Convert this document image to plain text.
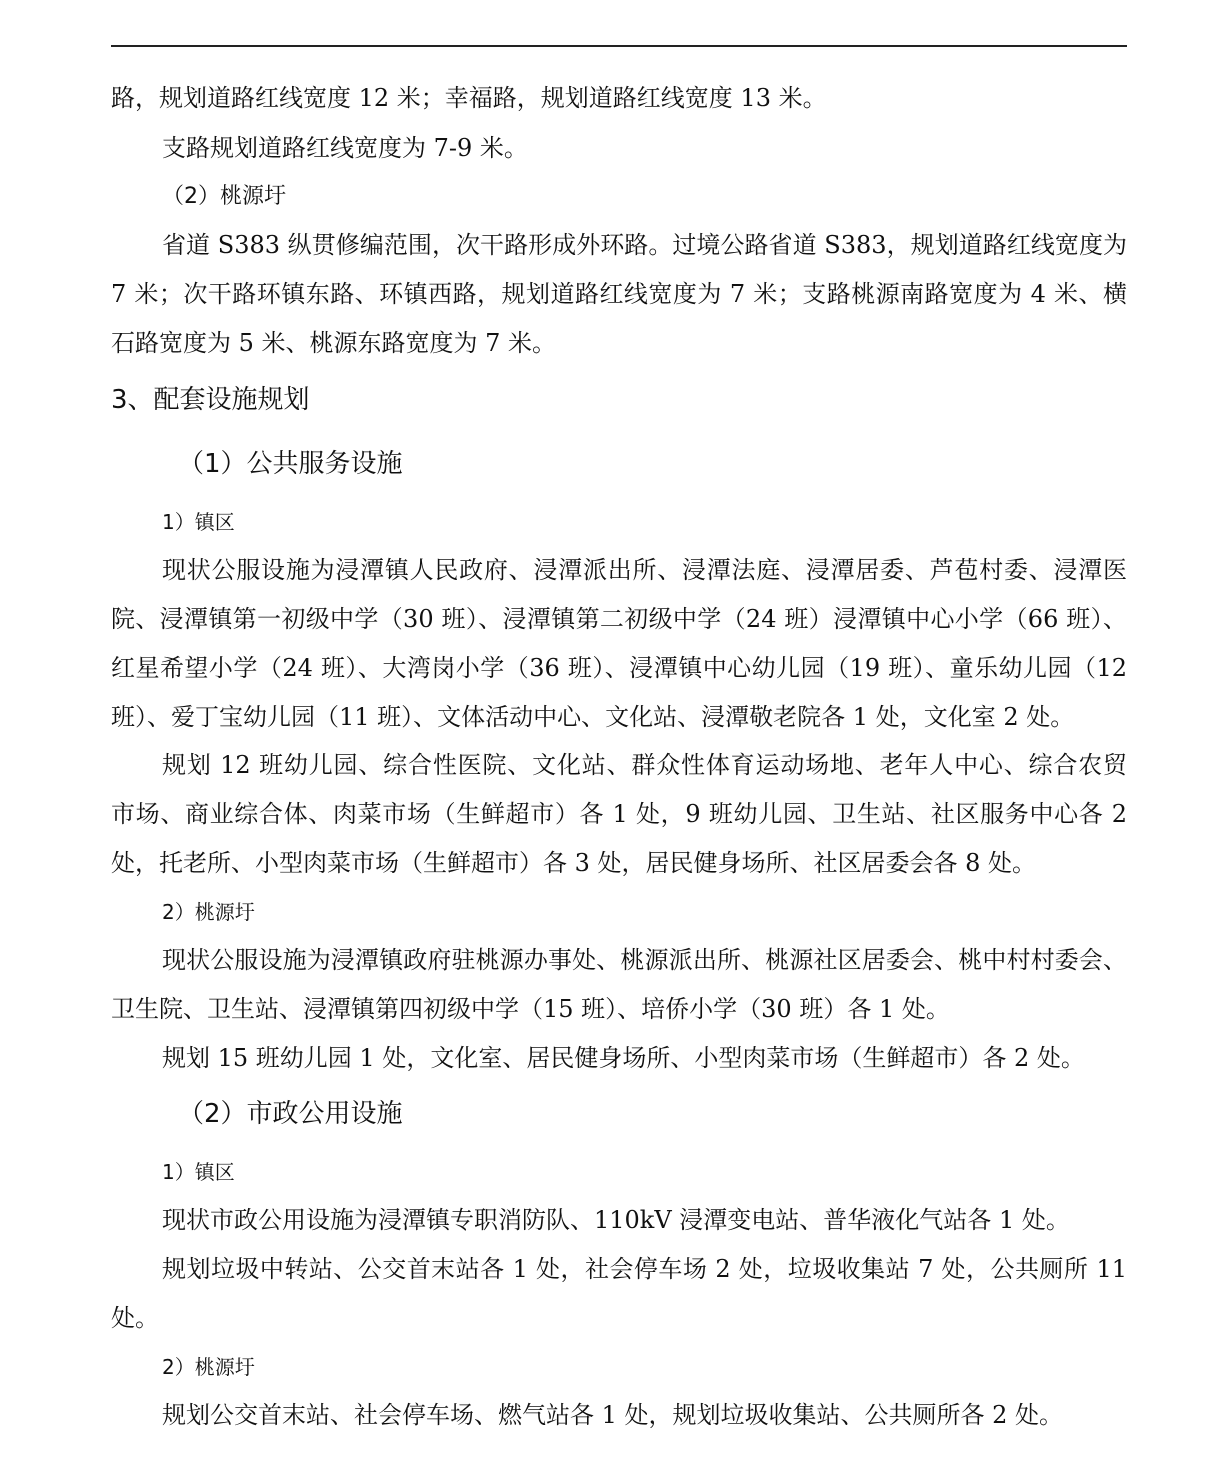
路，规划道路红线宽度 12 米；幸福路，规划道路红线宽度 13 米。
支路规划道路红线宽度为 7-9 米。
（2）桃源圩
省道 S383 纵贯修编范围，次干路形成外环路。过境公路省道 S383，规划道路红线宽度为
7 米；次干路环镇东路、环镇西路，规划道路红线宽度为 7 米；支路桃源南路宽度为 4 米、横
石路宽度为 5 米、桃源东路宽度为 7 米。
3、配套设施规划
（1）公共服务设施
1）镇区
现状公服设施为浸潭镇人民政府、浸潭派出所、浸潭法庭、浸潭居委、芦苞村委、浸潭医
院、浸潭镇第一初级中学（30 班）、浸潭镇第二初级中学（24 班）浸潭镇中心小学（66 班）、
红星希望小学（24 班）、大湾岗小学（36 班）、浸潭镇中心幼儿园（19 班）、童乐幼儿园（12
班）、爱丁宝幼儿园（11 班）、文体活动中心、文化站、浸潭敬老院各 1 处，文化室 2 处。
规划 12 班幼儿园、综合性医院、文化站、群众性体育运动场地、老年人中心、综合农贸
市场、商业综合体、肉菜市场（生鲜超市）各 1 处，9 班幼儿园、卫生站、社区服务中心各 2
处，托老所、小型肉菜市场（生鲜超市）各 3 处，居民健身场所、社区居委会各 8 处。
2）桃源圩
现状公服设施为浸潭镇政府驻桃源办事处、桃源派出所、桃源社区居委会、桃中村村委会、
卫生院、卫生站、浸潭镇第四初级中学（15 班）、培侨小学（30 班）各 1 处。
规划 15 班幼儿园 1 处，文化室、居民健身场所、小型肉菜市场（生鲜超市）各 2 处。
（2）市政公用设施
1）镇区
现状市政公用设施为浸潭镇专职消防队、110kV 浸潭变电站、普华液化气站各 1 处。
规划垃圾中转站、公交首末站各 1 处，社会停车场 2 处，垃圾收集站 7 处，公共厕所 11
处。
2）桃源圩
规划公交首末站、社会停车场、燃气站各 1 处，规划垃圾收集站、公共厕所各 2 处。
